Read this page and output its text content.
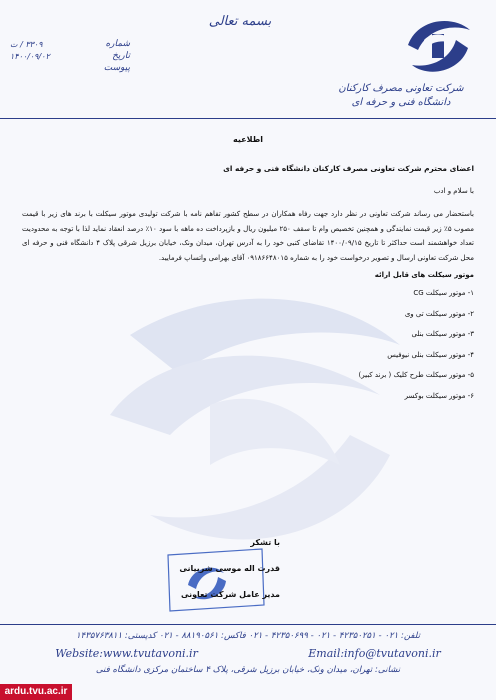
بسمه تعالی
شماره
۳۳۰۹ / ت
تاریخ
۱۴۰۰/۰۹/۰۲
پیوست
شرکت تعاونی مصرف کارکنان
دانشگاه فنی و حرفه ای
اطلاعیه
اعضای محترم شرکت تعاونی مصرف کارکنان دانشگاه فنی و حرفه ای
با سلام و ادب
باستحضار می رساند شرکت تعاونی در نظر دارد جهت رفاه همکاران در سطح کشور تفاهم نامه با شرکت تولیدی موتور سیکلت با برند های زیر با قیمت مصوب ۵٪ زیر قیمت نمایندگی و همچنین تخصیص وام تا سقف ۲۵۰ میلیون ریال و بازپرداخت ده ماهه با سود ۱۰٪ درصد انعقاد نماید لذا با توجه به محدودیت تعداد خواهشمند است حداکثر تا تاریخ ۱۴۰۰/۰۹/۱۵ تقاضای کتبی خود را به آدرس تهران، میدان ونک، خیابان برزیل شرقی پلاک ۴ دانشگاه فنی و حرفه ای محل شرکت تعاونی ارسال و تصویر درخواست خود را به شماره ۰۹۱۸۶۶۴۸۰۱۵ آقای بهرامی واتساپ فرمایید.
موتور سیکلت های قابل ارائه
۱- موتور سیکلت CG
۲- موتور سیکلت تی وی
۳- موتور سیکلت بنلی
۴- موتور سیکلت بنلی نیوفیس
۵- موتور سیکلت طرح کلیک ( برند کبیر)
۶- موتور سیکلت بوکسر
با تشکر
قدرت اله موسی شربیانی
مدیر عامل شرکت تعاونی
تلفن: ۰۲۱ - ۴۲۳۵۰۲۵۱ - ۰۲۱ - ۴۲۳۵۰۶۹۹ - ۰۲۱ فاکس: ۸۸۱۹۰۵۶۱ - ۰۲۱ کدپستی: ۱۴۳۵۷۶۳۸۱۱
Website:www.tvutavoni.ir	Email:info@tvutavoni.ir
نشانی: تهران، میدان ونک، خیابان برزیل شرقی، پلاک ۴ ساختمان مرکزی دانشگاه فنی
ardu.tvu.ac.ir
